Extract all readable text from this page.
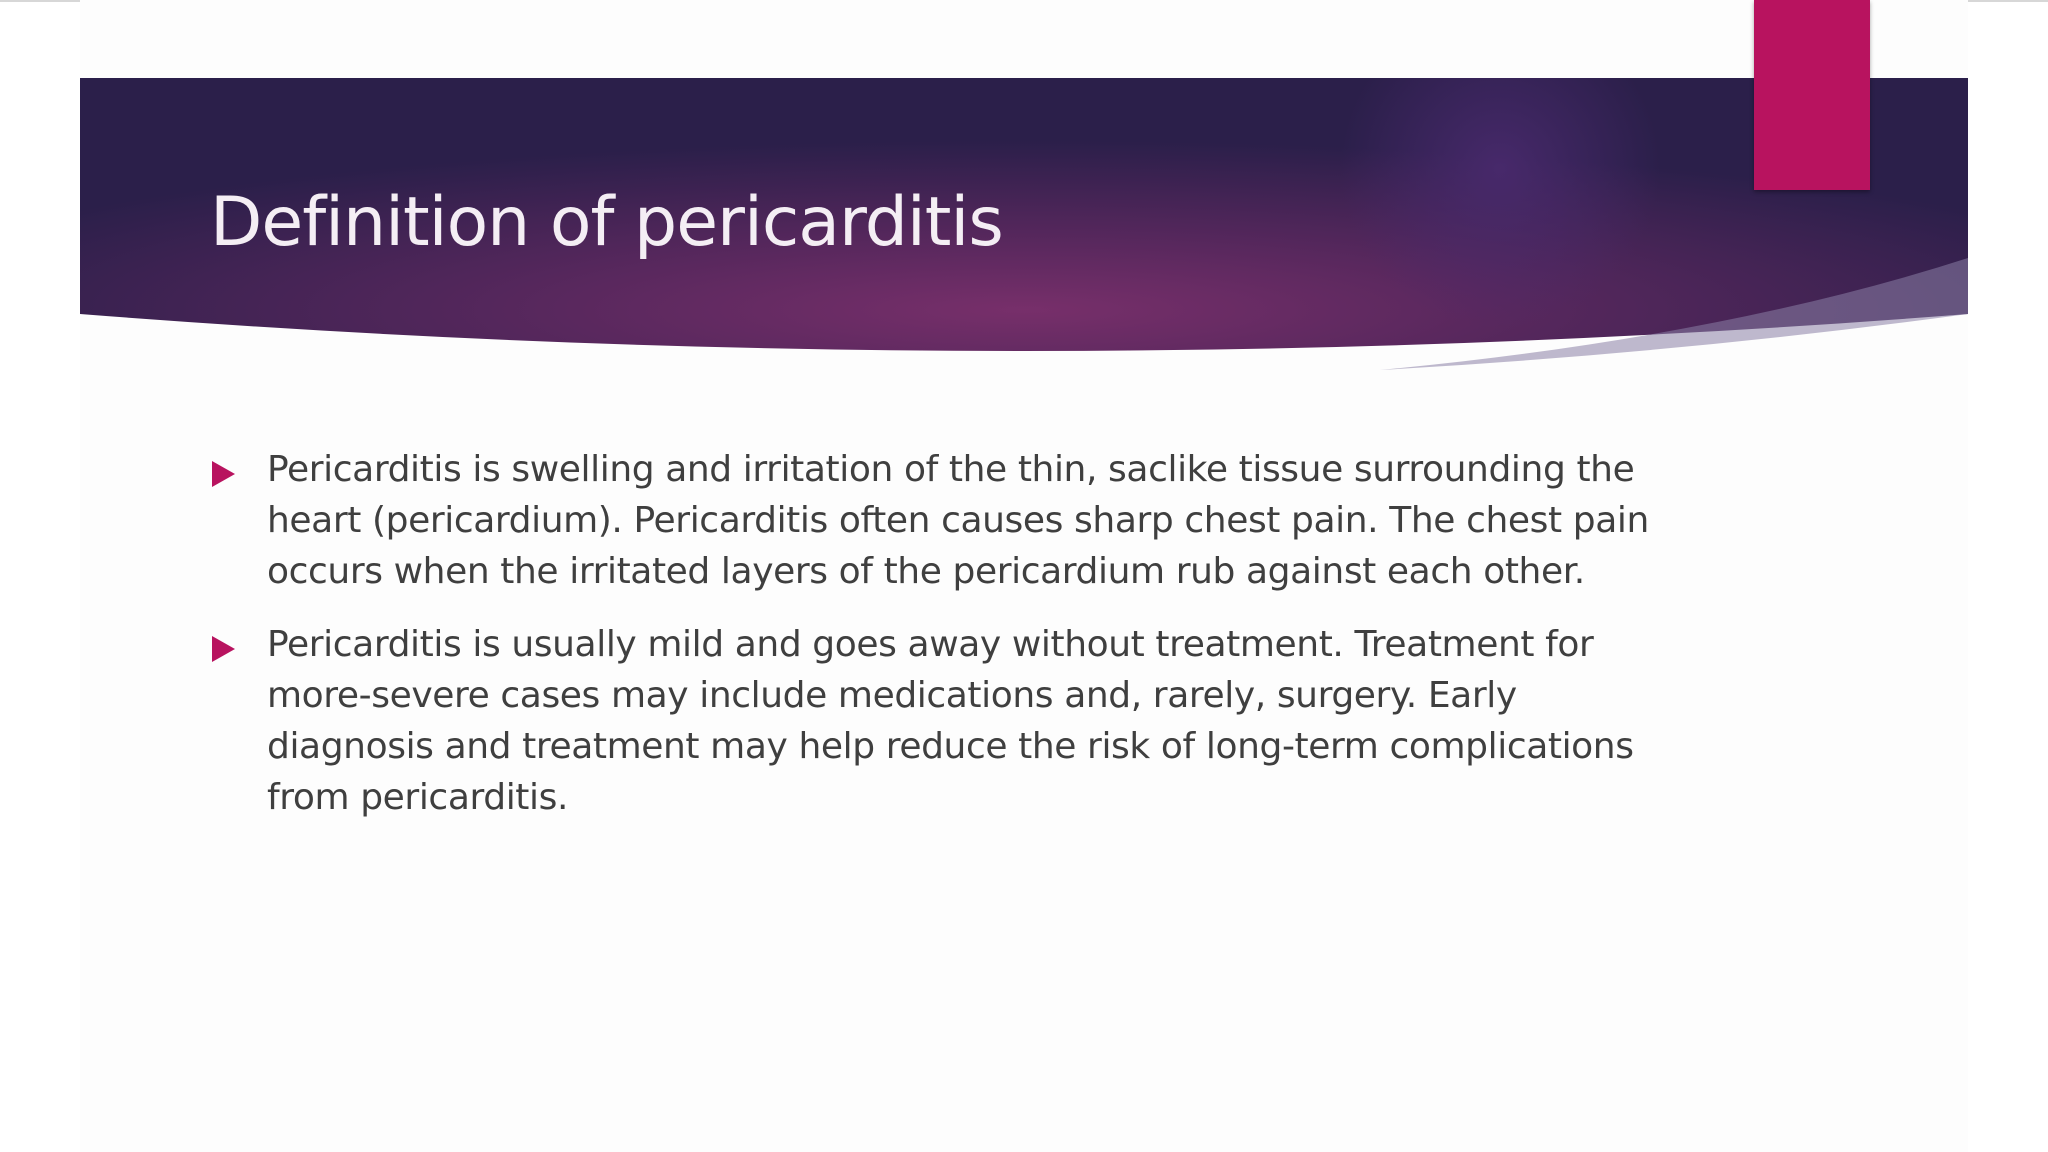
Definition of pericarditis
Pericarditis is swelling and irritation of the thin, saclike tissue surrounding the heart (pericardium). Pericarditis often causes sharp chest pain. The chest pain occurs when the irritated layers of the pericardium rub against each other.
Pericarditis is usually mild and goes away without treatment. Treatment for more-severe cases may include medications and, rarely, surgery. Early diagnosis and treatment may help reduce the risk of long-term complications from pericarditis.
